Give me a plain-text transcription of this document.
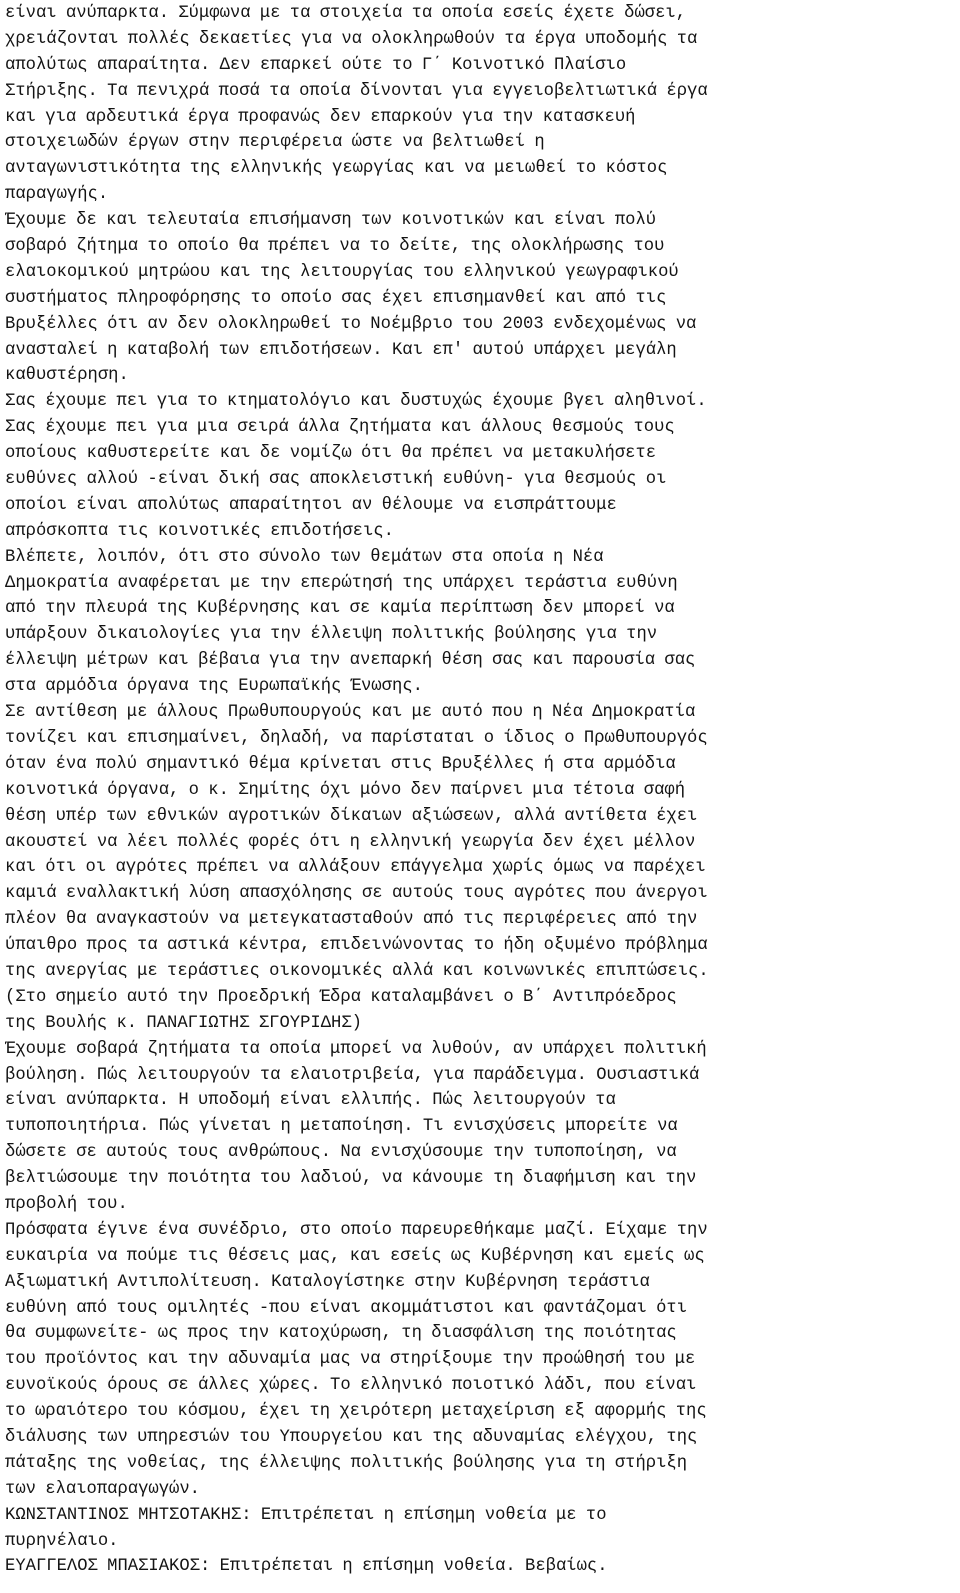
είναι ανύπαρκτα. Σύμφωνα με τα στοιχεία τα οποία εσείς έχετε δώσει,
χρειάζονται πολλές δεκαετίες για να ολοκληρωθούν τα έργα υποδομής τα
απολύτως απαραίτητα. Δεν επαρκεί ούτε το Γ΄ Κοινοτικό Πλαίσιο
Στήριξης. Τα πενιχρά ποσά τα οποία δίνονται για εγγειοβελτιωτικά έργα
και για αρδευτικά έργα προφανώς δεν επαρκούν για την κατασκευή
στοιχειωδών έργων στην περιφέρεια ώστε να βελτιωθεί η
ανταγωνιστικότητα της ελληνικής γεωργίας και να μειωθεί το κόστος
παραγωγής.
Έχουμε δε και τελευταία επισήμανση των κοινοτικών και είναι πολύ
σοβαρό ζήτημα το οποίο θα πρέπει να το δείτε, της ολοκλήρωσης του
ελαιοκομικού μητρώου και της λειτουργίας του ελληνικού γεωγραφικού
συστήματος πληροφόρησης το οποίο σας έχει επισημανθεί και από τις
Βρυξέλλες ότι αν δεν ολοκληρωθεί το Νοέμβριο του 2003 ενδεχομένως να
ανασταλεί η καταβολή των επιδοτήσεων. Και επ' αυτού υπάρχει μεγάλη
καθυστέρηση.
Σας έχουμε πει για το κτηματολόγιο και δυστυχώς έχουμε βγει αληθινοί.
Σας έχουμε πει για μια σειρά άλλα ζητήματα και άλλους θεσμούς τους
οποίους καθυστερείτε και δε νομίζω ότι θα πρέπει να μετακυλήσετε
ευθύνες αλλού -είναι δική σας αποκλειστική ευθύνη- για θεσμούς οι
οποίοι είναι απολύτως απαραίτητοι αν θέλουμε να εισπράττουμε
απρόσκοπτα τις κοινοτικές επιδοτήσεις.
Βλέπετε, λοιπόν, ότι στο σύνολο των θεμάτων στα οποία η Νέα
Δημοκρατία αναφέρεται με την επερώτησή της υπάρχει τεράστια ευθύνη
από την πλευρά της Κυβέρνησης και σε καμία περίπτωση δεν μπορεί να
υπάρξουν δικαιολογίες για την έλλειψη πολιτικής βούλησης για την
έλλειψη μέτρων και βέβαια για την ανεπαρκή θέση σας και παρουσία σας
στα αρμόδια όργανα της Ευρωπαϊκής Ένωσης.
Σε αντίθεση με άλλους Πρωθυπουργούς και με αυτό που η Νέα Δημοκρατία
τονίζει και επισημαίνει, δηλαδή, να παρίσταται ο ίδιος ο Πρωθυπουργός
όταν ένα πολύ σημαντικό θέμα κρίνεται στις Βρυξέλλες ή στα αρμόδια
κοινοτικά όργανα, ο κ. Σημίτης όχι μόνο δεν παίρνει μια τέτοια σαφή
θέση υπέρ των εθνικών αγροτικών δίκαιων αξιώσεων, αλλά αντίθετα έχει
ακουστεί να λέει πολλές φορές ότι η ελληνική γεωργία δεν έχει μέλλον
και ότι οι αγρότες πρέπει να αλλάξουν επάγγελμα χωρίς όμως να παρέχει
καμιά εναλλακτική λύση απασχόλησης σε αυτούς τους αγρότες που άνεργοι
πλέον θα αναγκαστούν να μετεγκατασταθούν από τις περιφέρειες από την
ύπαιθρο προς τα αστικά κέντρα, επιδεινώνοντας το ήδη οξυμένο πρόβλημα
της ανεργίας με τεράστιες οικονομικές αλλά και κοινωνικές επιπτώσεις.
(Στο σημείο αυτό την Προεδρική Έδρα καταλαμβάνει ο Β΄ Αντιπρόεδρος
της Βουλής κ. ΠΑΝΑΓΙΩΤΗΣ ΣΓΟΥΡΙΔΗΣ)
Έχουμε σοβαρά ζητήματα τα οποία μπορεί να λυθούν, αν υπάρχει πολιτική
βούληση. Πώς λειτουργούν τα ελαιοτριβεία, για παράδειγμα. Ουσιαστικά
είναι ανύπαρκτα. Η υποδομή είναι ελλιπής. Πώς λειτουργούν τα
τυποποιητήρια. Πώς γίνεται η μεταποίηση. Τι ενισχύσεις μπορείτε να
δώσετε σε αυτούς τους ανθρώπους. Να ενισχύσουμε την τυποποίηση, να
βελτιώσουμε την ποιότητα του λαδιού, να κάνουμε τη διαφήμιση και την
προβολή του.
Πρόσφατα έγινε ένα συνέδριο, στο οποίο παρευρεθήκαμε μαζί. Είχαμε την
ευκαιρία να πούμε τις θέσεις μας, και εσείς ως Κυβέρνηση και εμείς ως
Αξιωματική Αντιπολίτευση. Καταλογίστηκε στην Κυβέρνηση τεράστια
ευθύνη από τους ομιλητές -που είναι ακομμάτιστοι και φαντάζομαι ότι
θα συμφωνείτε- ως προς την κατοχύρωση, τη διασφάλιση της ποιότητας
του προϊόντος και την αδυναμία μας να στηρίξουμε την προώθησή του με
ευνοϊκούς όρους σε άλλες χώρες. Το ελληνικό ποιοτικό λάδι, που είναι
το ωραιότερο του κόσμου, έχει τη χειρότερη μεταχείριση εξ αφορμής της
διάλυσης των υπηρεσιών του Υπουργείου και της αδυναμίας ελέγχου, της
πάταξης της νοθείας, της έλλειψης πολιτικής βούλησης για τη στήριξη
των ελαιοπαραγωγών.
ΚΩΝΣΤΑΝΤΙΝΟΣ ΜΗΤΣΟΤΑΚΗΣ: Επιτρέπεται η επίσημη νοθεία με το
πυρηνέλαιο.
ΕΥΑΓΓΕΛΟΣ ΜΠΑΣΙΑΚΟΣ: Επιτρέπεται η επίσημη νοθεία. Βεβαίως.
